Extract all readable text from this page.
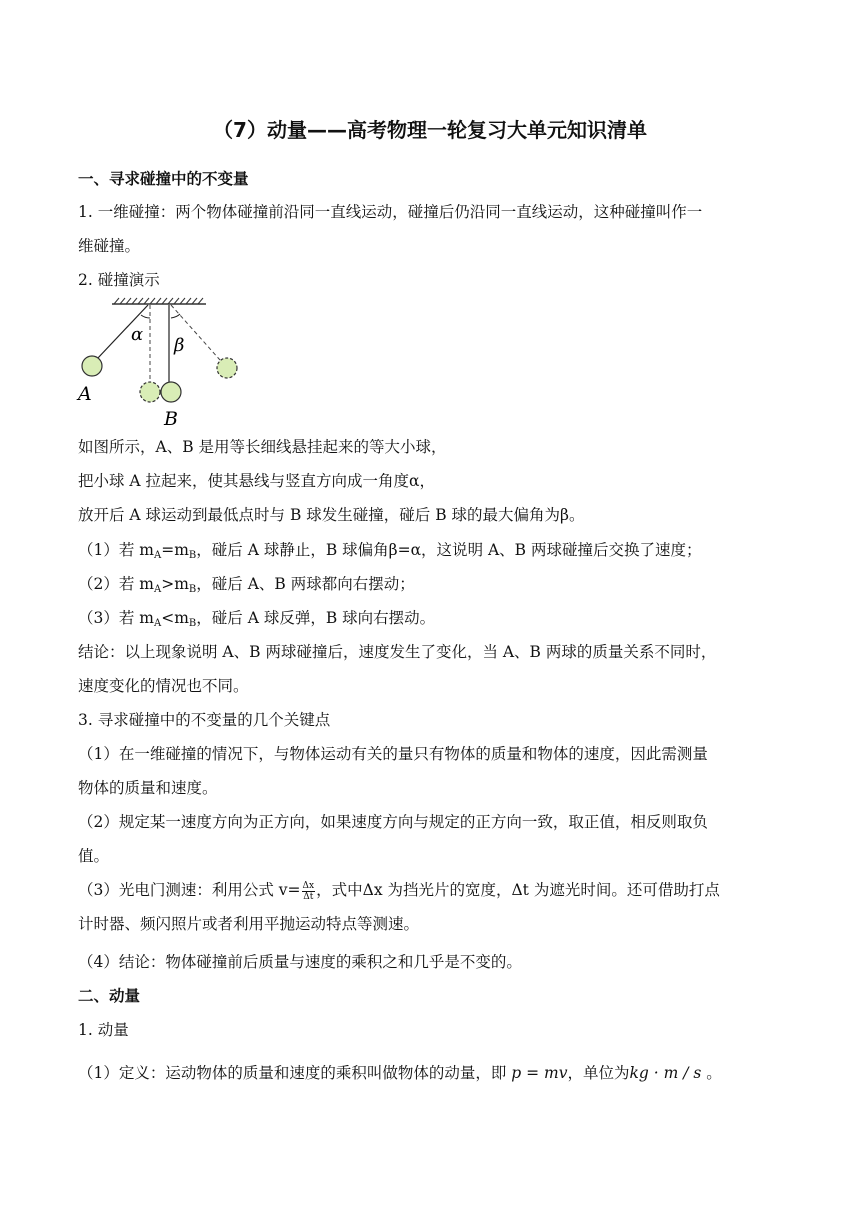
（7）动量——高考物理一轮复习大单元知识清单
一、寻求碰撞中的不变量
1. 一维碰撞：两个物体碰撞前沿同一直线运动，碰撞后仍沿同一直线运动，这种碰撞叫作一
维碰撞。
2. 碰撞演示
α
β
A
B
如图所示，A、B 是用等长细线悬挂起来的等大小球，
把小球 A 拉起来，使其悬线与竖直方向成一角度α，
放开后 A 球运动到最低点时与 B 球发生碰撞，碰后 B 球的最大偏角为β。
（1）若 $m_A=m_B$，碰后 A 球静止，B 球偏角β=α，这说明 A、B 两球碰撞后交换了速度；
（2）若 $m_A>m_B$，碰后 A、B 两球都向右摆动；
（3）若 $m_A<m_B$，碰后 A 球反弹，B 球向右摆动。
结论：以上现象说明 A、B 两球碰撞后，速度发生了变化，当 A、B 两球的质量关系不同时，
速度变化的情况也不同。
3. 寻求碰撞中的不变量的几个关键点
（1）在一维碰撞的情况下，与物体运动有关的量只有物体的质量和物体的速度，因此需测量
物体的质量和速度。
（2）规定某一速度方向为正方向，如果速度方向与规定的正方向一致，取正值，相反则取负
值。
（3）光电门测速：利用公式 $v= \frac{\Delta x}{\Delta t}$ ，式中Δx 为挡光片的宽度，Δt 为遮光时间。还可借助打点
计时器、频闪照片或者利用平抛运动特点等测速。
（4）结论：物体碰撞前后质量与速度的乘积之和几乎是不变的。
二、动量
1. 动量
（1）定义：运动物体的质量和速度的乘积叫做物体的动量，即 p = mv，单位为kg · m / s 。
